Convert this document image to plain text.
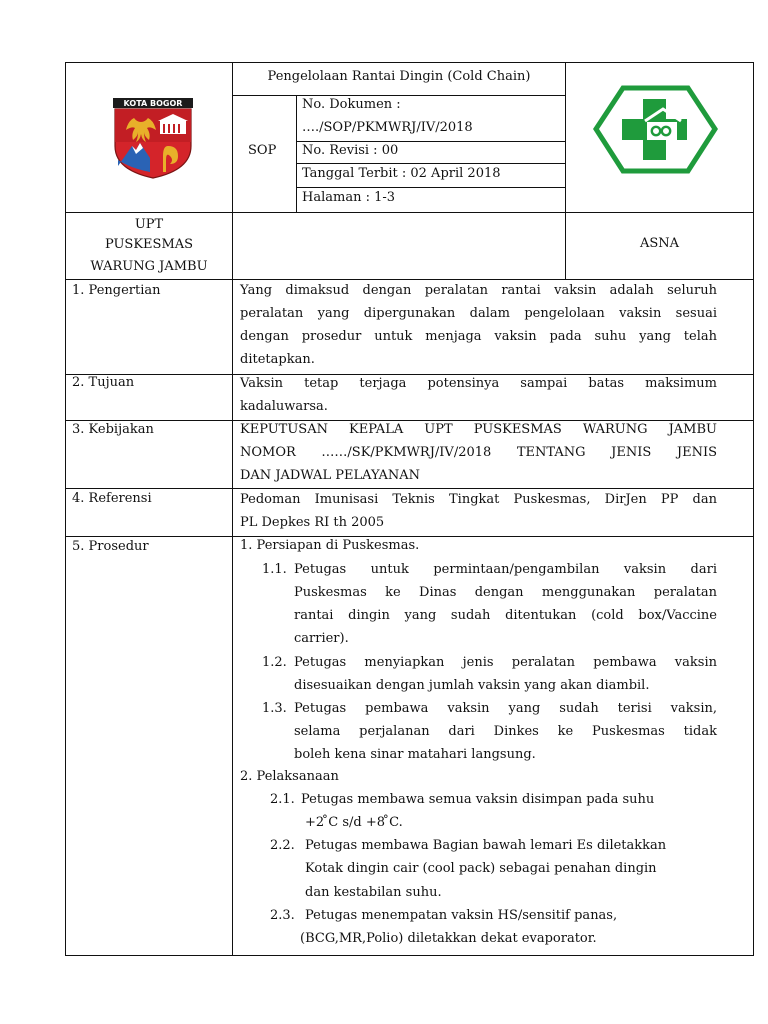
KOTA BOGOR
Pengelolaan Rantai Dingin (Cold Chain)
SOP
No. Dokumen :
…./SOP/PKMWRJ/IV/2018
No. Revisi : 00
Tanggal Terbit : 02 April 2018
Halaman : 1-3
UPT
PUSKESMAS
WARUNG JAMBU
ASNA
1. Pengertian
2. Tujuan
3. Kebijakan
4. Referensi
5. Prosedur
Yang dimaksud dengan peralatan rantai vaksin adalah seluruh
peralatan yang dipergunakan dalam pengelolaan vaksin sesuai
dengan prosedur untuk menjaga vaksin pada suhu yang telah
ditetapkan.
Vaksin tetap terjaga potensinya sampai batas maksimum
kadaluwarsa.
KEPUTUSAN KEPALA UPT PUSKESMAS WARUNG JAMBU
NOMOR ……/SK/PKMWRJ/IV/2018 TENTANG JENIS JENIS
DAN JADWAL PELAYANAN
Pedoman Imunisasi Teknis Tingkat Puskesmas, DirJen PP dan
PL Depkes RI th 2005
1. Persiapan di Puskesmas.
1.1. Petugas untuk permintaan/pengambilan vaksin dari
Puskesmas ke Dinas dengan menggunakan peralatan
rantai dingin yang sudah ditentukan (cold box/Vaccine
carrier).
1.2. Petugas menyiapkan jenis peralatan pembawa vaksin
disesuaikan dengan jumlah vaksin yang akan diambil.
1.3. Petugas pembawa vaksin yang sudah terisi vaksin,
selama perjalanan dari Dinkes ke Puskesmas tidak
boleh kena sinar matahari langsung.
2. Pelaksanaan
2.1. Petugas membawa semua vaksin disimpan pada suhu
+2 ̊C s/d +8 ̊C.
2.2. Petugas membawa Bagian bawah lemari Es diletakkan
Kotak dingin cair (cool pack) sebagai penahan dingin
dan kestabilan suhu.
2.3. Petugas menempatan vaksin HS/sensitif panas,
(BCG,MR,Polio) diletakkan dekat evaporator.
